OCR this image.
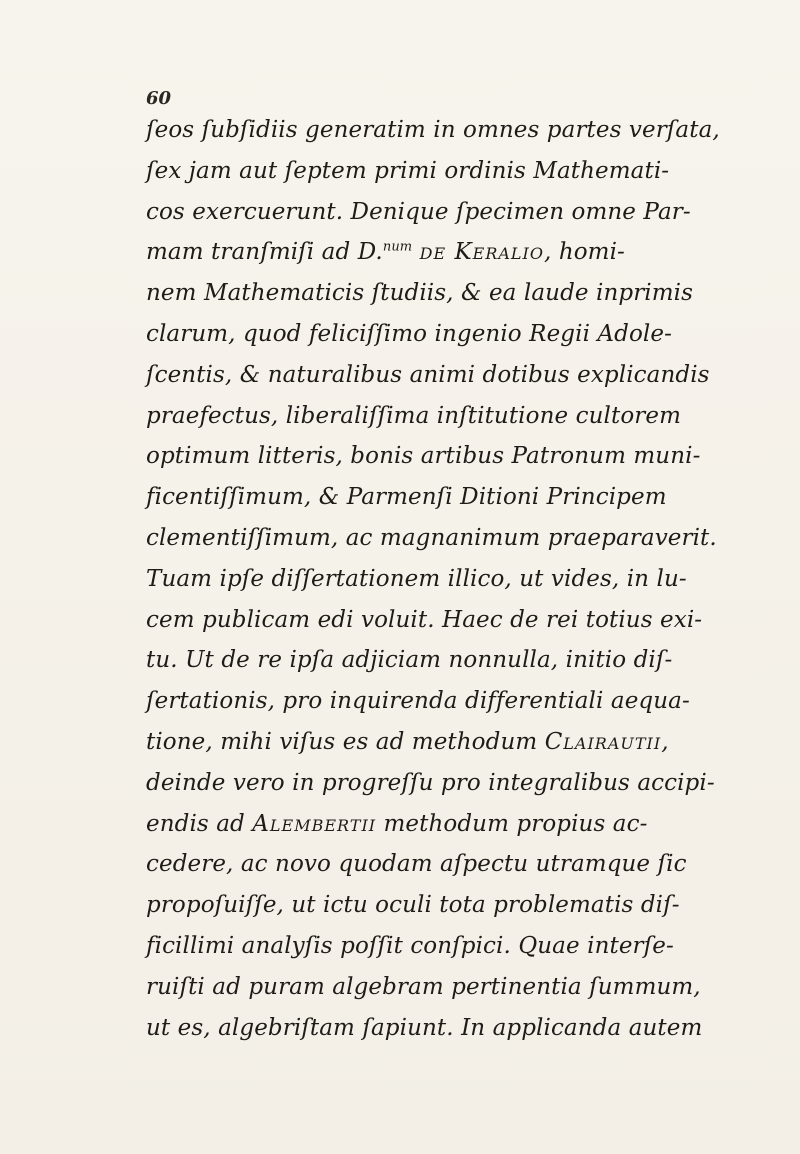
60
ſeos ſubſidiis generatim in omnes partes verſata,
ſex jam aut ſeptem primi ordinis Mathemati-
cos exercuerunt. Denique ſpecimen omne Par-
mam tranſmiſi ad D.$^{num}$ de Keralio, homi-
nem Mathematicis ſtudiis, & ea laude inprimis
clarum, quod feliciſſimo ingenio Regii Adole-
ſcentis, & naturalibus animi dotibus explicandis
praefectus, liberaliſſima inſtitutione cultorem
optimum litteris, bonis artibus Patronum muni-
ficentiſſimum, & Parmenſi Ditioni Principem
clementiſſimum, ac magnanimum praeparaverit.
Tuam ipſe diſſertationem illico, ut vides, in lu-
cem publicam edi voluit. Haec de rei totius exi-
tu. Ut de re ipſa adjiciam nonnulla, initio diſ-
ſertationis, pro inquirenda differentiali aequa-
tione, mihi viſus es ad methodum Clairautii,
deinde vero in progreſſu pro integralibus accipi-
endis ad Alembertii methodum propius ac-
cedere, ac novo quodam aſpectu utramque ſic
propoſuiſſe, ut ictu oculi tota problematis diſ-
ficillimi analyſis poſſit conſpici. Quae interſe-
ruiſti ad puram algebram pertinentia ſummum,
ut es, algebriſtam ſapiunt. In applicanda autem
